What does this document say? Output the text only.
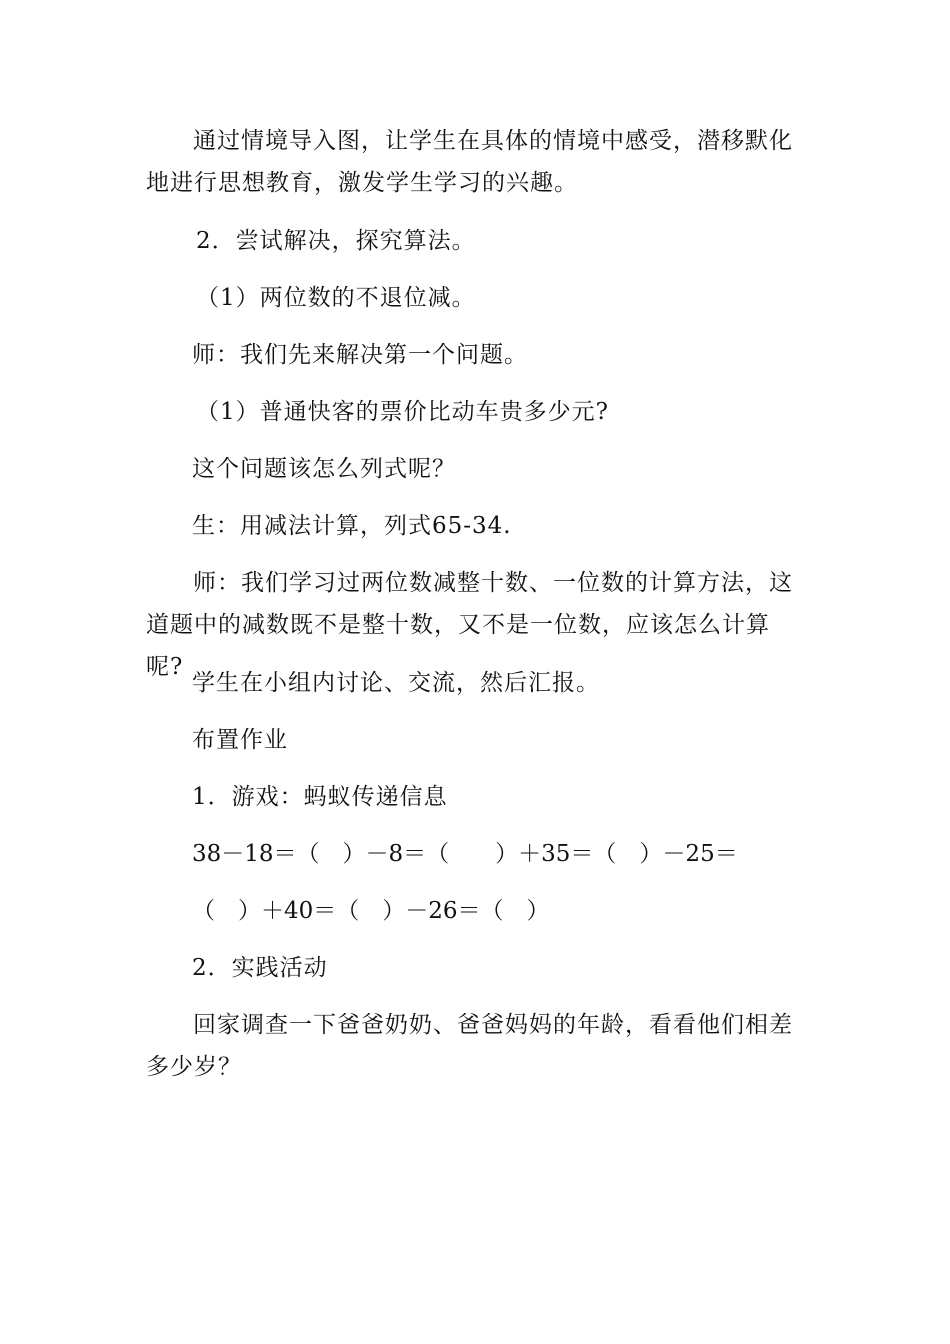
通过情境导入图，让学生在具体的情境中感受，潜移默化地进行思想教育，激发学生学习的兴趣。

2．尝试解决，探究算法。

（1）两位数的不退位减。

师：我们先来解决第一个问题。

（1）普通快客的票价比动车贵多少元?

这个问题该怎么列式呢？

生：用减法计算，列式65-34.

师：我们学习过两位数减整十数、一位数的计算方法，这道题中的减数既不是整十数，又不是一位数，应该怎么计算呢?

学生在小组内讨论、交流，然后汇报。

布置作业

1．游戏：蚂蚁传递信息

38－18＝（　）－8＝（　　）＋35＝（　）－25＝

（　）＋40＝（　）－26＝（　）

2．实践活动

回家调查一下爸爸奶奶、爸爸妈妈的年龄，看看他们相差多少岁？
